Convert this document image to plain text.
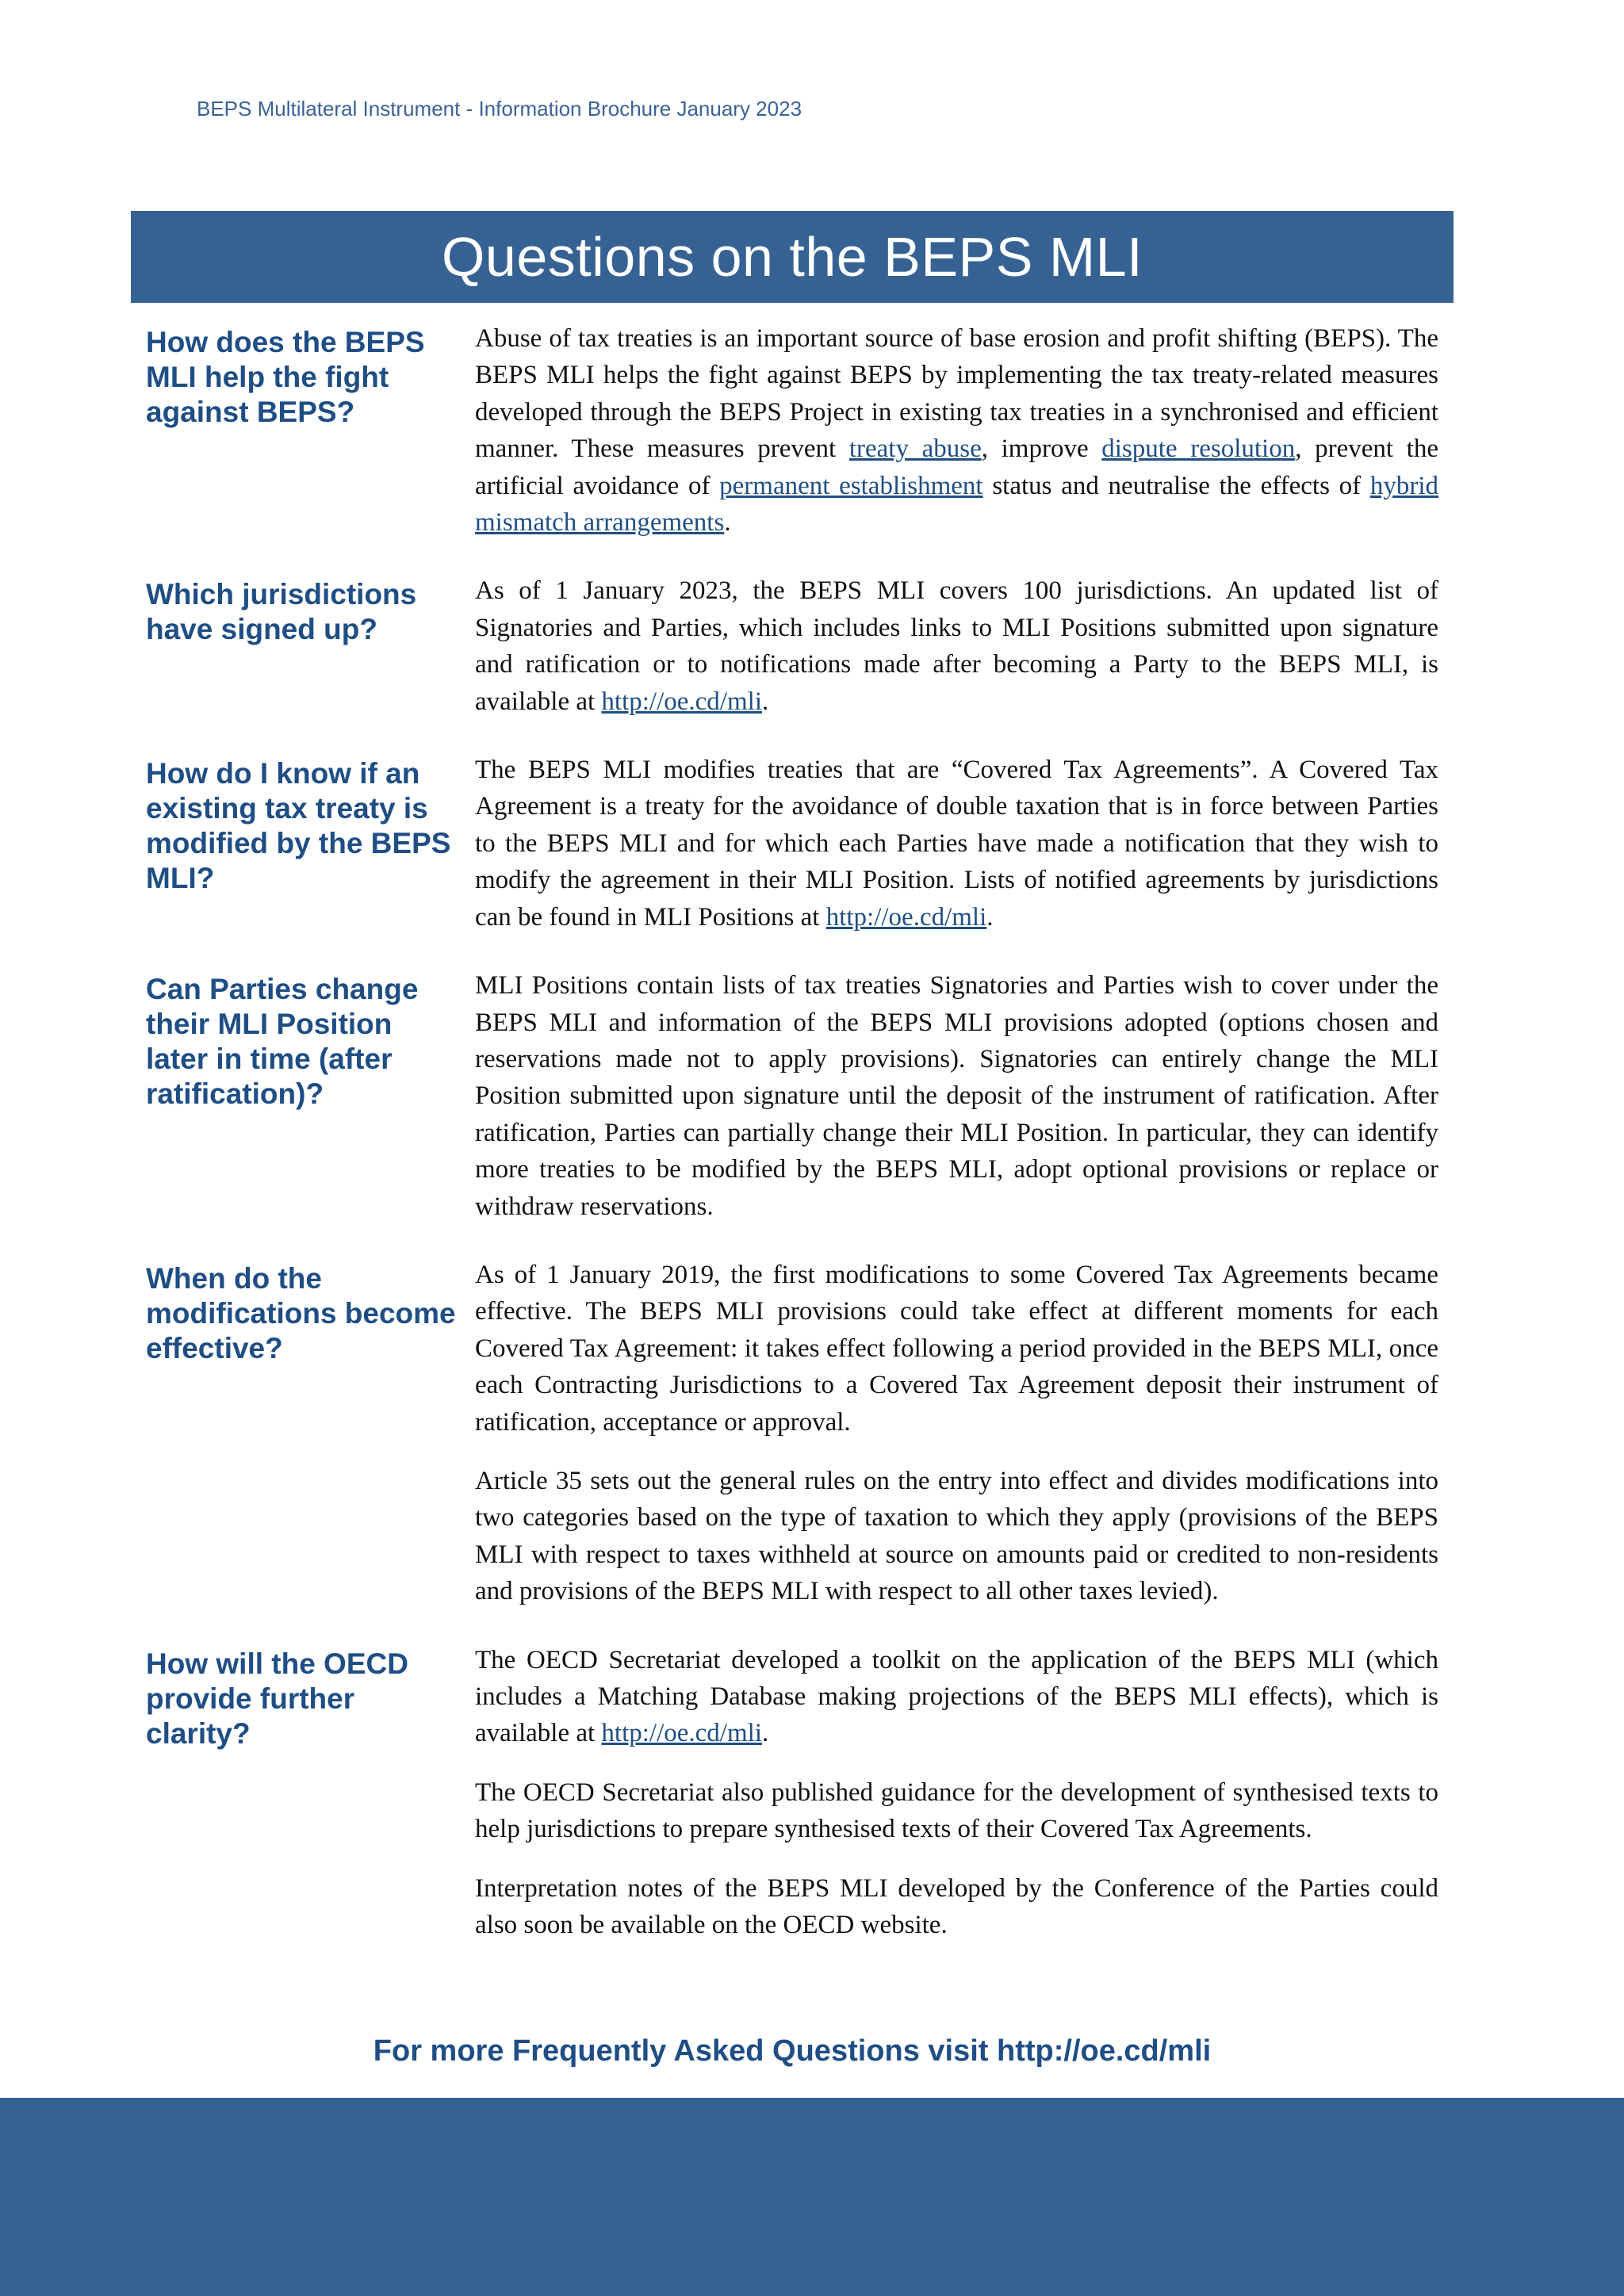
BEPS Multilateral Instrument - Information Brochure January 2023

Questions on the BEPS MLI
How does the BEPS MLI help the fight against BEPS?

Abuse of tax treaties is an important source of base erosion and profit shifting (BEPS). The BEPS MLI helps the fight against BEPS by implementing the tax treaty-related measures developed through the BEPS Project in existing tax treaties in a synchronised and efficient manner. These measures prevent treaty abuse, improve dispute resolution, prevent the artificial avoidance of permanent establishment status and neutralise the effects of hybrid mismatch arrangements.

Which jurisdictions have signed up?

As of 1 January 2023, the BEPS MLI covers 100 jurisdictions. An updated list of Signatories and Parties, which includes links to MLI Positions submitted upon signature and ratification or to notifications made after becoming a Party to the BEPS MLI, is available at http://oe.cd/mli.

How do I know if an existing tax treaty is modified by the BEPS MLI?

The BEPS MLI modifies treaties that are “Covered Tax Agreements”. A Covered Tax Agreement is a treaty for the avoidance of double taxation that is in force between Parties to the BEPS MLI and for which each Parties have made a notification that they wish to modify the agreement in their MLI Position. Lists of notified agreements by jurisdictions can be found in MLI Positions at http://oe.cd/mli.

Can Parties change their MLI Position later in time (after ratification)?

MLI Positions contain lists of tax treaties Signatories and Parties wish to cover under the BEPS MLI and information of the BEPS MLI provisions adopted (options chosen and reservations made not to apply provisions). Signatories can entirely change the MLI Position submitted upon signature until the deposit of the instrument of ratification. After ratification, Parties can partially change their MLI Position. In particular, they can identify more treaties to be modified by the BEPS MLI, adopt optional provisions or replace or withdraw reservations.

When do the modifications become effective?

As of 1 January 2019, the first modifications to some Covered Tax Agreements became effective. The BEPS MLI provisions could take effect at different moments for each Covered Tax Agreement: it takes effect following a period provided in the BEPS MLI, once each Contracting Jurisdictions to a Covered Tax Agreement deposit their instrument of ratification, acceptance or approval.

Article 35 sets out the general rules on the entry into effect and divides modifications into two categories based on the type of taxation to which they apply (provisions of the BEPS MLI with respect to taxes withheld at source on amounts paid or credited to non-residents and provisions of the BEPS MLI with respect to all other taxes levied).

How will the OECD provide further clarity?

The OECD Secretariat developed a toolkit on the application of the BEPS MLI (which includes a Matching Database making projections of the BEPS MLI effects), which is available at http://oe.cd/mli.

The OECD Secretariat also published guidance for the development of synthesised texts to help jurisdictions to prepare synthesised texts of their Covered Tax Agreements.

Interpretation notes of the BEPS MLI developed by the Conference of the Parties could also soon be available on the OECD website.

For more Frequently Asked Questions visit http://oe.cd/mli
